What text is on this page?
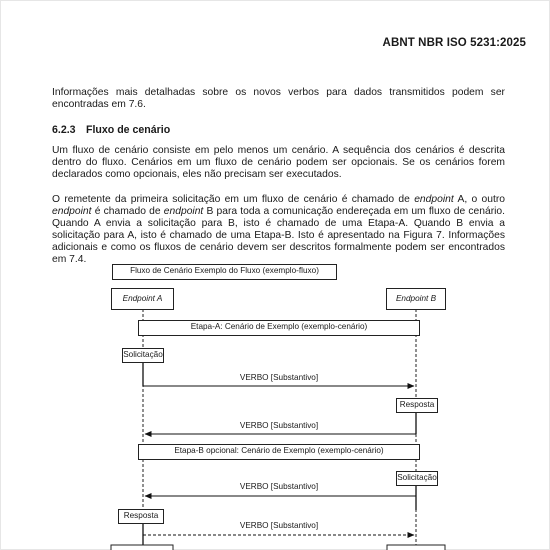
ABNT NBR ISO 5231:2025

Informações mais detalhadas sobre os novos verbos para dados transmitidos podem ser encontradas em 7.6.

6.2.3 Fluxo de cenário

Um fluxo de cenário consiste em pelo menos um cenário. A sequência dos cenários é descrita dentro do fluxo. Cenários em um fluxo de cenário podem ser opcionais. Se os cenários forem declarados como opcionais, eles não precisam ser executados.

O remetente da primeira solicitação em um fluxo de cenário é chamado de endpoint A, o outro endpoint é chamado de endpoint B para toda a comunicação endereçada em um fluxo de cenário. Quando A envia a solicitação para B, isto é chamado de uma Etapa-A. Quando B envia a solicitação para A, isto é chamado de uma Etapa-B. Isto é apresentado na Figura 7. Informações adicionais e como os fluxos de cenário devem ser descritos formalmente podem ser encontrados em 7.4.

Fluxo de Cenário Exemplo do Fluxo (exemplo-fluxo)
Endpoint A	Endpoint B
Etapa-A: Cenário de Exemplo (exemplo-cenário)
Solicitação
VERBO [Substantivo]
Resposta
VERBO [Substantivo]
Etapa-B opcional: Cenário de Exemplo (exemplo-cenário)
Solicitação
VERBO [Substantivo]
Resposta
VERBO [Substantivo]
